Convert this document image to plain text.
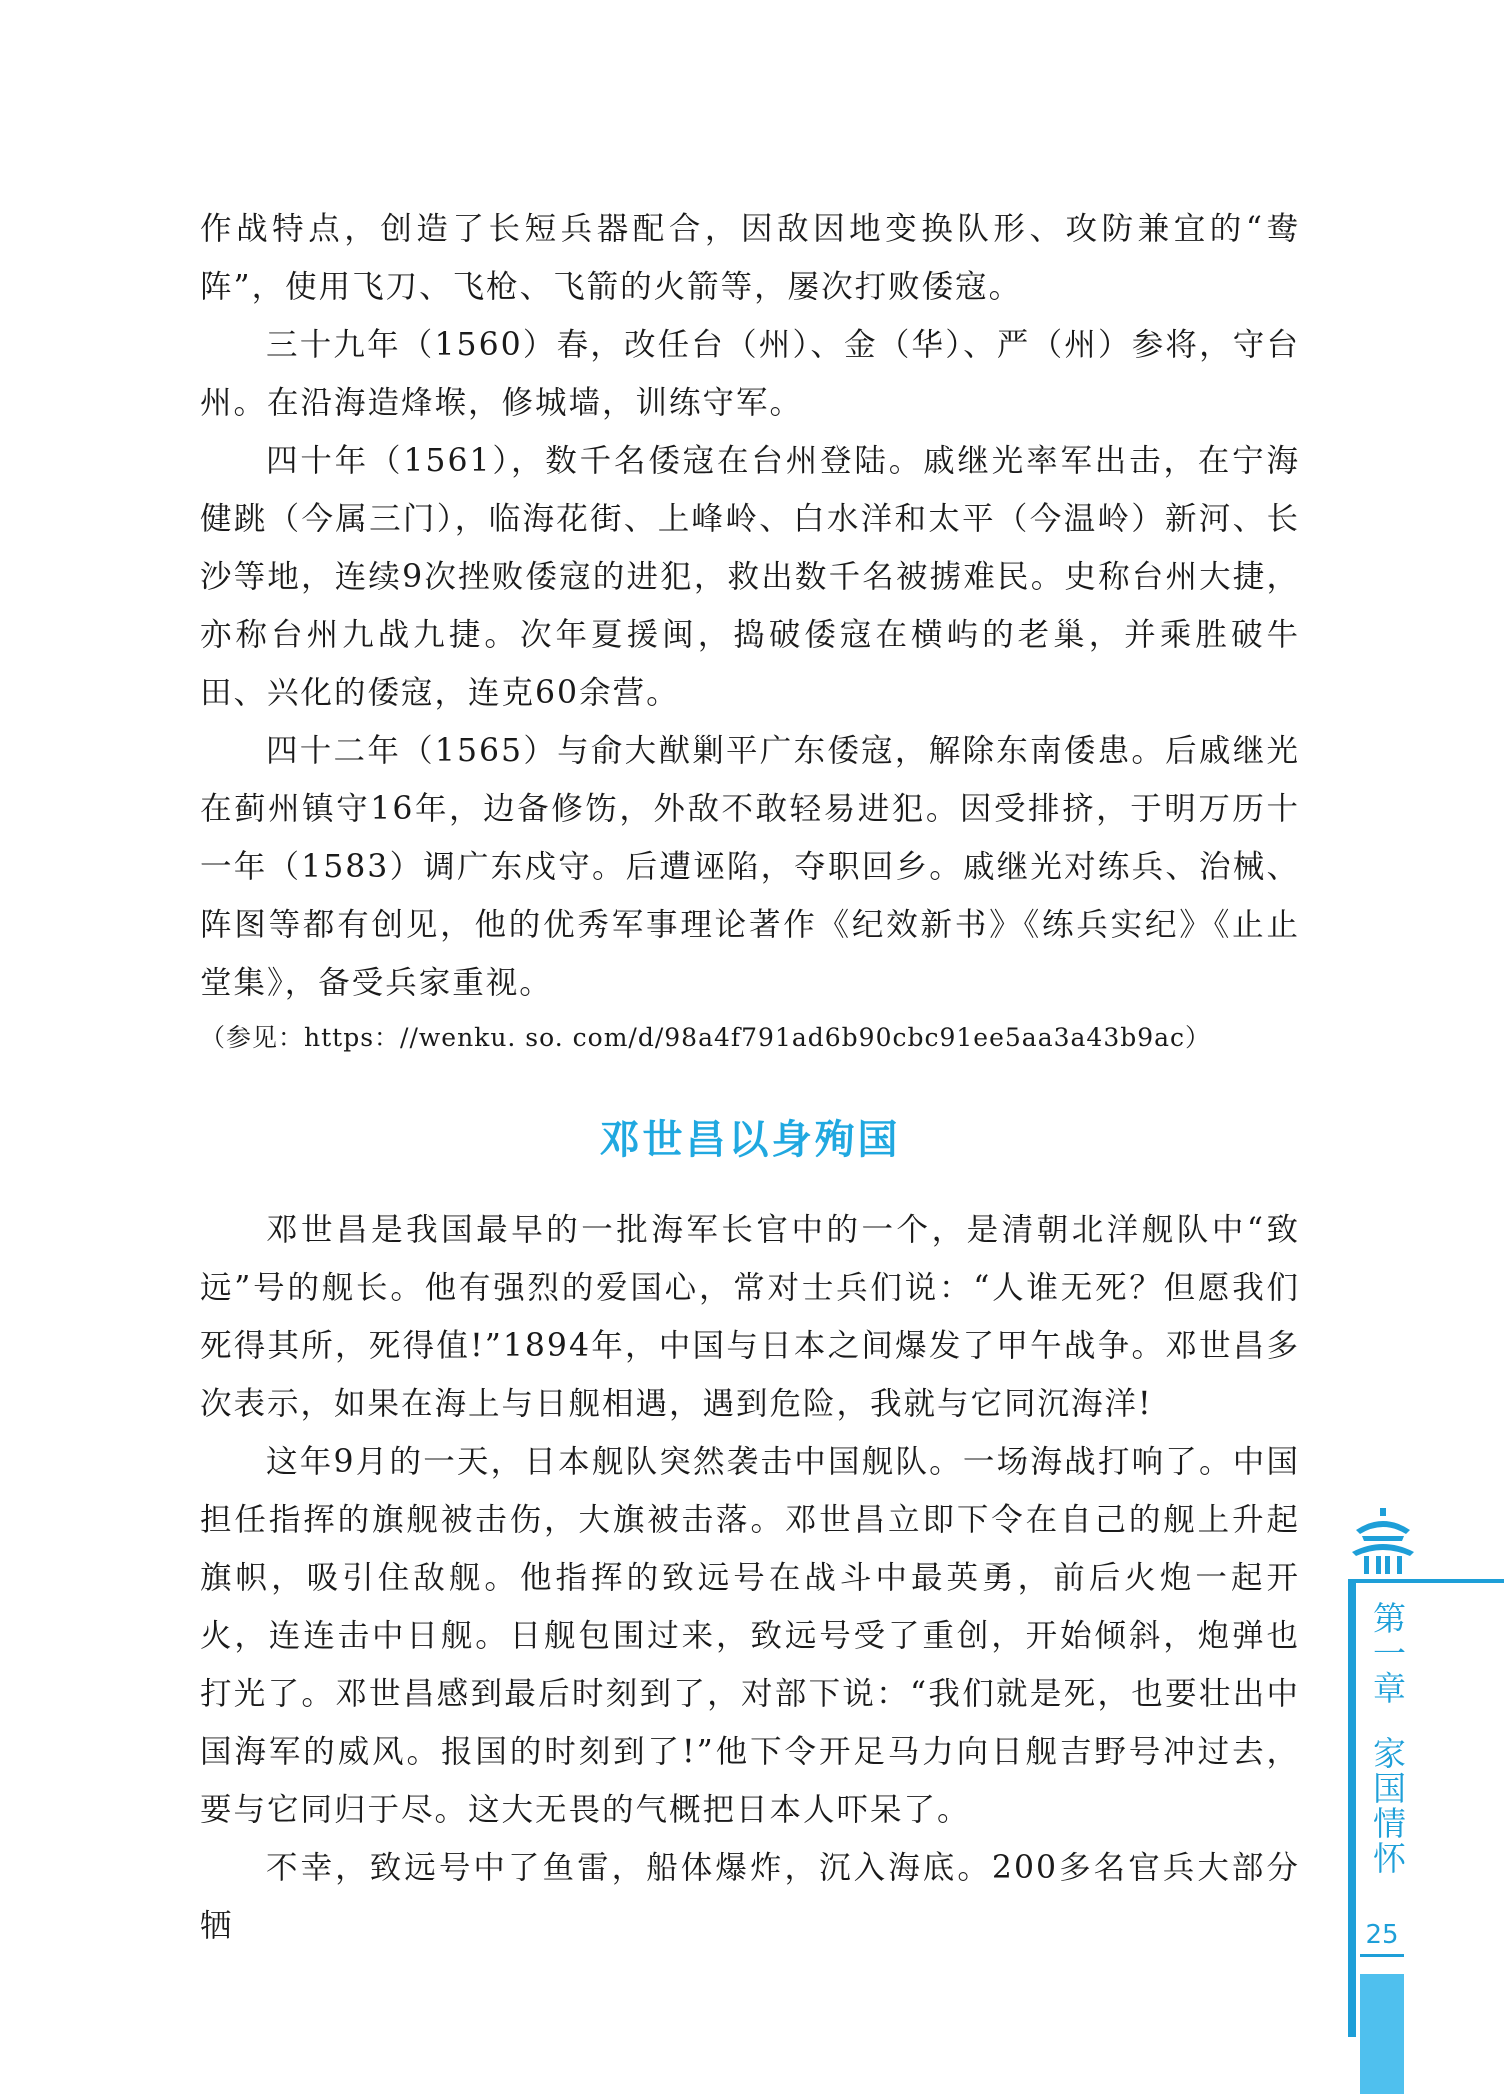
作战特点，创造了长短兵器配合，因敌因地变换队形、攻防兼宜的“鸯阵”，使用飞刀、飞枪、飞箭的火箭等，屡次打败倭寇。

三十九年（1560）春，改任台（州）、金（华）、严（州）参将，守台州。在沿海造烽堠，修城墙，训练守军。

四十年（1561），数千名倭寇在台州登陆。戚继光率军出击，在宁海健跳（今属三门），临海花街、上峰岭、白水洋和太平（今温岭）新河、长沙等地，连续9次挫败倭寇的进犯，救出数千名被掳难民。史称台州大捷，亦称台州九战九捷。次年夏援闽，捣破倭寇在横屿的老巢，并乘胜破牛田、兴化的倭寇，连克60余营。

四十二年（1565）与俞大猷剿平广东倭寇，解除东南倭患。后戚继光在蓟州镇守16年，边备修饬，外敌不敢轻易进犯。因受排挤，于明万历十一年（1583）调广东戍守。后遭诬陷，夺职回乡。戚继光对练兵、治械、阵图等都有创见，他的优秀军事理论著作《纪效新书》《练兵实纪》《止止堂集》，备受兵家重视。

（参见：https：//wenku. so. com/d/98a4f791ad6b90cbc91ee5aa3a43b9ac）

邓世昌以身殉国

邓世昌是我国最早的一批海军长官中的一个，是清朝北洋舰队中“致远”号的舰长。他有强烈的爱国心，常对士兵们说：“人谁无死？但愿我们死得其所，死得值!”1894年，中国与日本之间爆发了甲午战争。邓世昌多次表示，如果在海上与日舰相遇，遇到危险，我就与它同沉海洋!

这年9月的一天，日本舰队突然袭击中国舰队。一场海战打响了。中国担任指挥的旗舰被击伤，大旗被击落。邓世昌立即下令在自己的舰上升起旗帜，吸引住敌舰。他指挥的致远号在战斗中最英勇，前后火炮一起开火，连连击中日舰。日舰包围过来，致远号受了重创，开始倾斜，炮弹也打光了。邓世昌感到最后时刻到了，对部下说：“我们就是死，也要壮出中国海军的威风。报国的时刻到了!”他下令开足马力向日舰吉野号冲过去，要与它同归于尽。这大无畏的气概把日本人吓呆了。

不幸，致远号中了鱼雷，船体爆炸，沉入海底。200多名官兵大部分牺

第一章
家国情怀
25
